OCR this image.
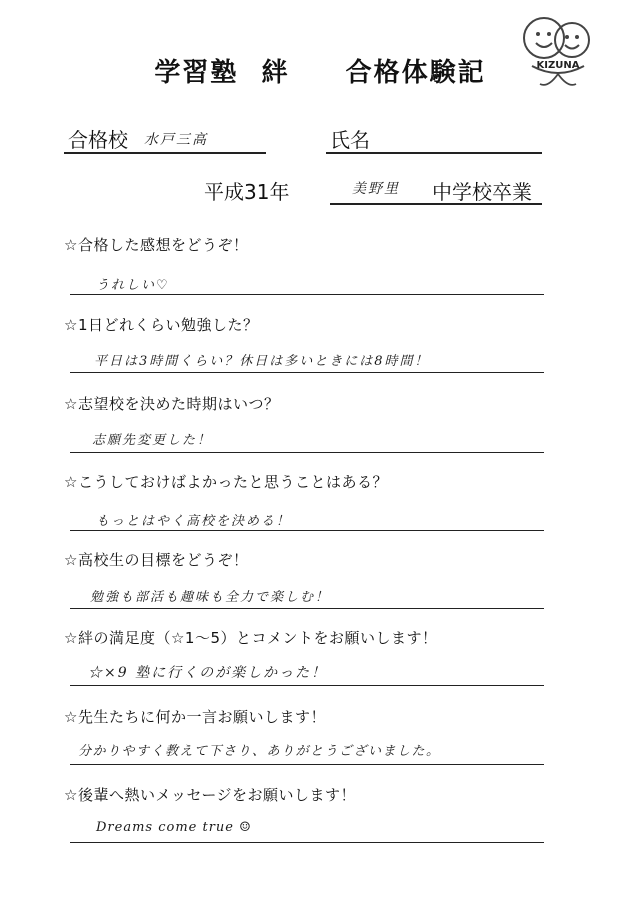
学習塾 絆 合格体験記	KIZUNA
合格校 水戸三高	氏名
平成31年	美野里 中学校卒業
☆合格した感想をどうぞ！
うれしい♡
☆1日どれくらい勉強した？
平日は3時間くらい？休日は多いときには8時間！
☆志望校を決めた時期はいつ？
志願先変更した！
☆こうしておけばよかったと思うことはある？
もっとはやく高校を決める！
☆高校生の目標をどうぞ！
勉強も部活も趣味も全力で楽しむ！
☆絆の満足度（☆1～5）とコメントをお願いします！
☆×9 塾に行くのが楽しかった！
☆先生たちに何か一言お願いします！
分かりやすく教えて下さり、ありがとうございました。
☆後輩へ熱いメッセージをお願いします！
Dreams come true ☺
